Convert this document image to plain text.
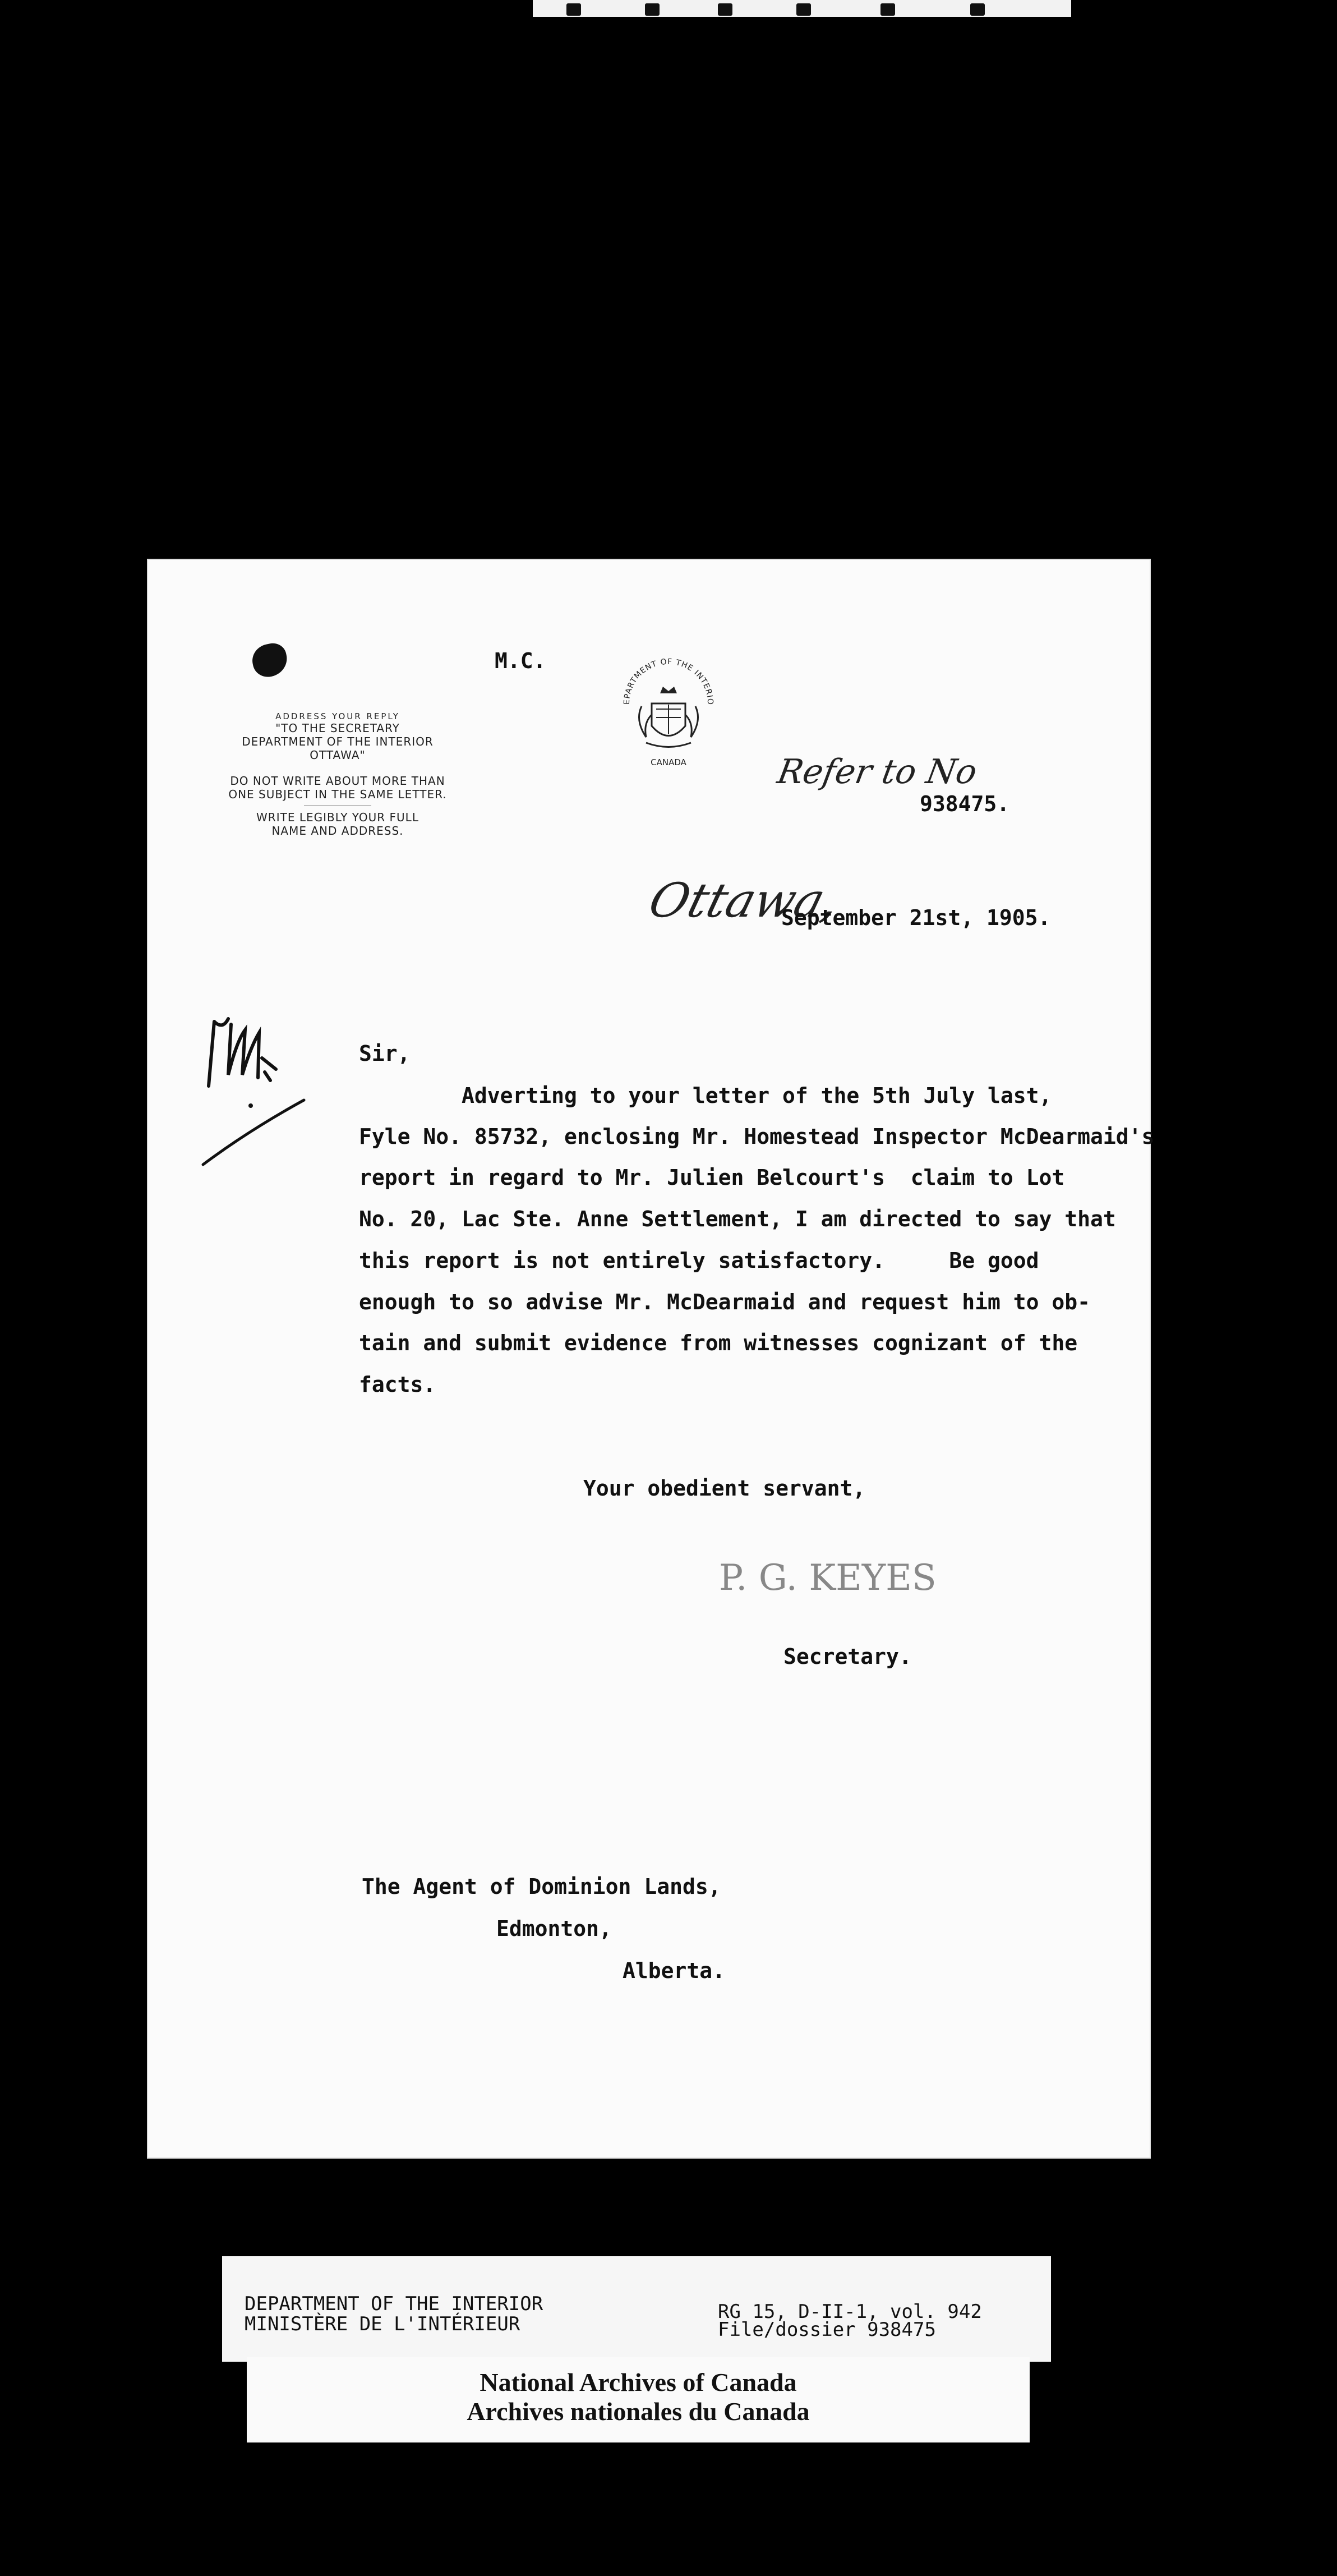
M.C.
ADDRESS YOUR REPLY
"TO THE SECRETARY
DEPARTMENT OF THE INTERIOR
OTTAWA"
DO NOT WRITE ABOUT MORE THAN
ONE SUBJECT IN THE SAME LETTER.
WRITE LEGIBLY YOUR FULL
NAME AND ADDRESS.
EPARTMENT OF THE INTERIO
CANADA	Refer to No
938475.
Ottawa,
September 21st, 1905.
Sir,
Adverting to your letter of the 5th July last,
Fyle No. 85732, enclosing Mr. Homestead Inspector McDearmaid's
report in regard to Mr. Julien Belcourt's  claim to Lot
No. 20, Lac Ste. Anne Settlement, I am directed to say that
this report is not entirely satisfactory.     Be good
enough to so advise Mr. McDearmaid and request him to ob-
tain and submit evidence from witnesses cognizant of the
facts.
Your obedient servant,
P. G. KEYES
Secretary.
The Agent of Dominion Lands,
Edmonton,
Alberta.
DEPARTMENT OF THE INTERIOR
MINISTÈRE DE L'INTÉRIEUR
RG 15, D-II-1, vol. 942
File/dossier 938475
National Archives of Canada
Archives nationales du Canada
